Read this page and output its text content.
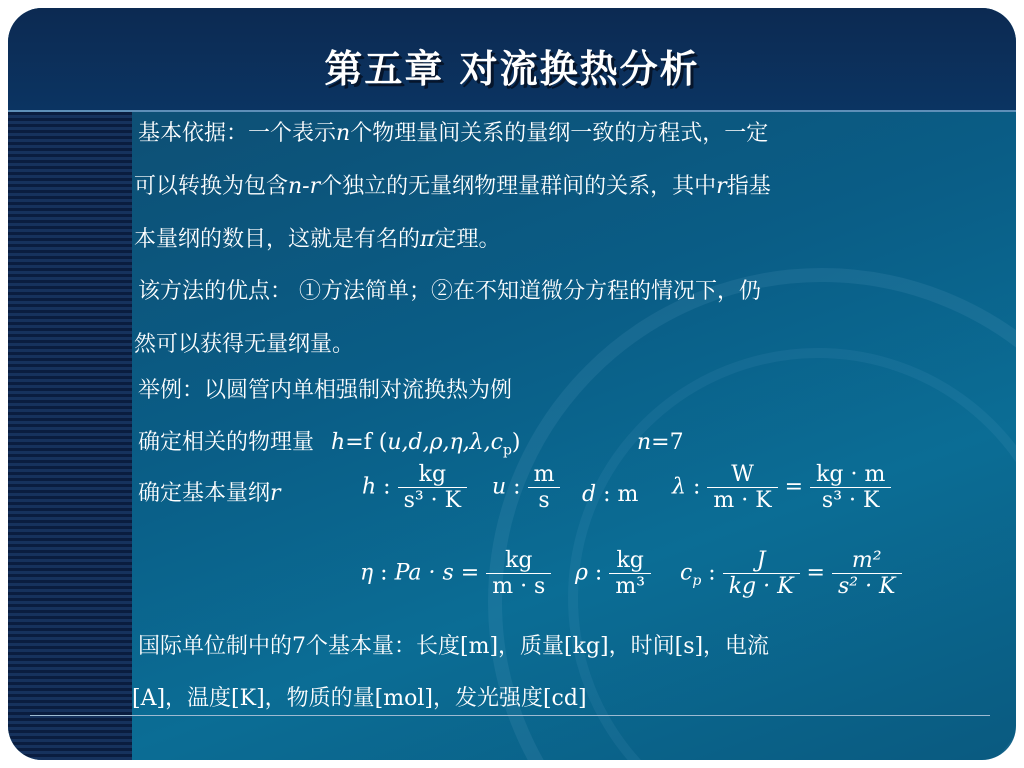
第五章 对流换热分析
基本依据：一个表示n个物理量间关系的量纲一致的方程式，一定
可以转换为包含n-r个独立的无量纲物理量群间的关系，其中r指基
本量纲的数目，这就是有名的π定理。
该方法的优点： ①方法简单；②在不知道微分方程的情况下，仍
然可以获得无量纲量。
举例：以圆管内单相强制对流换热为例
确定相关的物理量 h=f $(u,d,\rho,\eta,\lambda,c_p)$	n=7
确定基本量纲r	h : $\frac{kg}{\text{s³ · K}}$ u : $\frac{m}{s}$ d : m λ : $\frac{W}{m \cdot K} = \frac{kg \cdot m}{\text{s³ · K}}$
η : $Pa \cdot s = \frac{kg}{m \cdot s}$ ρ : $\frac{kg}{\text{m³}} c_p$ : $\frac{J}{kg \cdot K} = \frac{\text{m²}}{\text{s² · K}}$
国际单位制中的7个基本量：长度[m]，质量[kg]，时间[s]，电流
[A]，温度[K]，物质的量[mol]，发光强度[cd]
